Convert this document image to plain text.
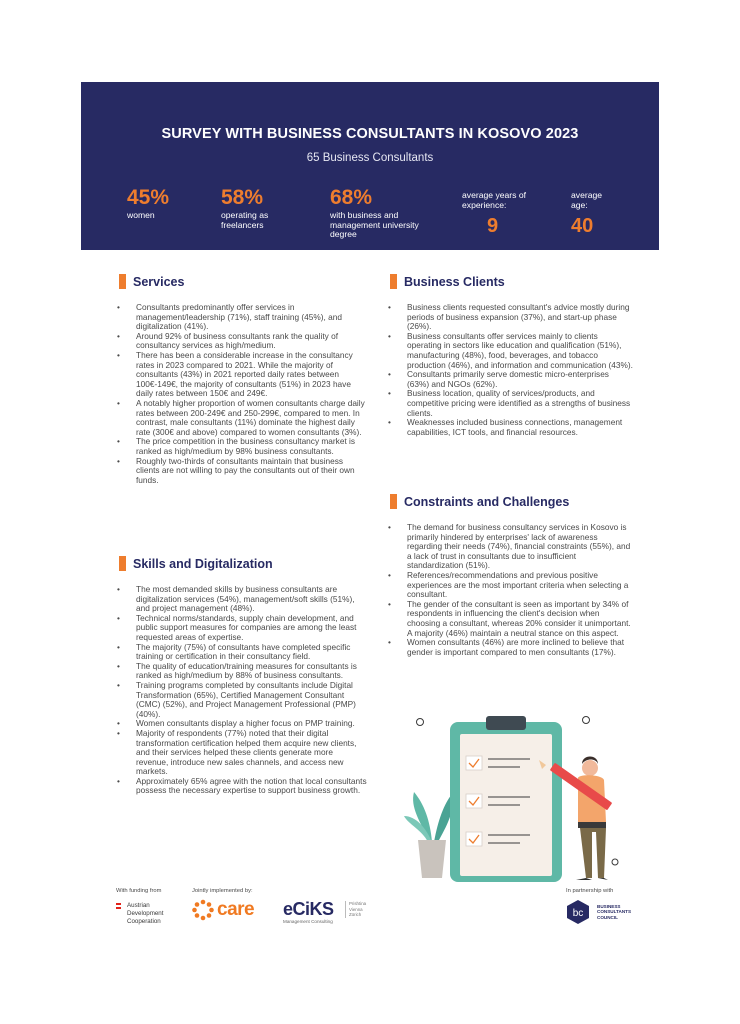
SURVEY WITH BUSINESS CONSULTANTS IN KOSOVO 2023
65 Business Consultants
45%
women
58%
operating as freelancers
68%
with business and management university degree
average years of experience:
9
average age:
40
Services
• Consultants predominantly offer services in management/leadership (71%), staff training (45%), and digitalization (41%).
• Around 92% of business consultants rank the quality of consultancy services as high/medium.
• There has been a considerable increase in the consultancy rates in 2023 compared to 2021. While the majority of consultants (43%) in 2021 reported daily rates between 100€-149€, the majority of consultants (51%) in 2023 have daily rates between 150€ and 249€.
• A notably higher proportion of women consultants charge daily rates between 200-249€ and 250-299€, compared to men. In contrast, male consultants (11%) dominate the highest daily rate (300€ and above) compared to women consultants (3%).
• The price competition in the business consultancy market is ranked as high/medium by 98% business consultants.
• Roughly two-thirds of consultants maintain that business clients are not willing to pay the consultants out of their own funds.
Skills and Digitalization
• The most demanded skills by business consultants are digitalization services (54%), management/soft skills (51%), and project management (48%).
• Technical norms/standards, supply chain development, and public support measures for companies are among the least requested areas of expertise.
• The majority (75%) of consultants have completed specific training or certification in their consultancy field.
• The quality of education/training measures for consultants is ranked as high/medium by 88% of business consultants.
• Training programs completed by consultants include Digital Transformation (65%), Certified Management Consultant (CMC) (52%), and Project Management Professional (PMP) (40%).
• Women consultants display a higher focus on PMP training.
• Majority of respondents (77%) noted that their digital transformation certification helped them acquire new clients, and their services helped these clients generate more revenue, introduce new sales channels, and access new markets.
• Approximately 65% agree with the notion that local consultants possess the necessary expertise to support business growth.
Business Clients
• Business clients requested consultant's advice mostly during periods of business expansion (37%), and start-up phase (26%).
• Business consultants offer services mainly to clients operating in sectors like education and qualification (51%), manufacturing (48%), food, beverages, and tobacco production (46%), and information and communication (43%).
• Consultants primarily serve domestic micro-enterprises (63%) and NGOs (62%).
• Business location, quality of services/products, and competitive pricing were identified as a strengths of business clients.
• Weaknesses included business connections, management capabilities, ICT tools, and financial resources.
Constraints and Challenges
• The demand for business consultancy services in Kosovo is primarily hindered by enterprises' lack of awareness regarding their needs (74%), financial constraints (55%), and a lack of trust in consultants due to insufficient standardization (51%).
• References/recommendations and previous positive experiences are the most important criteria when selecting a consultant.
• The gender of the consultant is seen as important by 34% of respondents in influencing the client's decision when choosing a consultant, whereas 20% consider it unimportant. A majority (46%) maintain a neutral stance on this aspect.
• Women consultants (46%) are more inclined to believe that gender is important compared to men consultants (17%).
With funding from
Austrian
Development
Cooperation
Jointly implemented by:
care eCiKS
Management Consulting
Prishtina
Vienna
Zürich
In partnership with
bc
BUSINESS
CONSULTANTS
COUNCIL
